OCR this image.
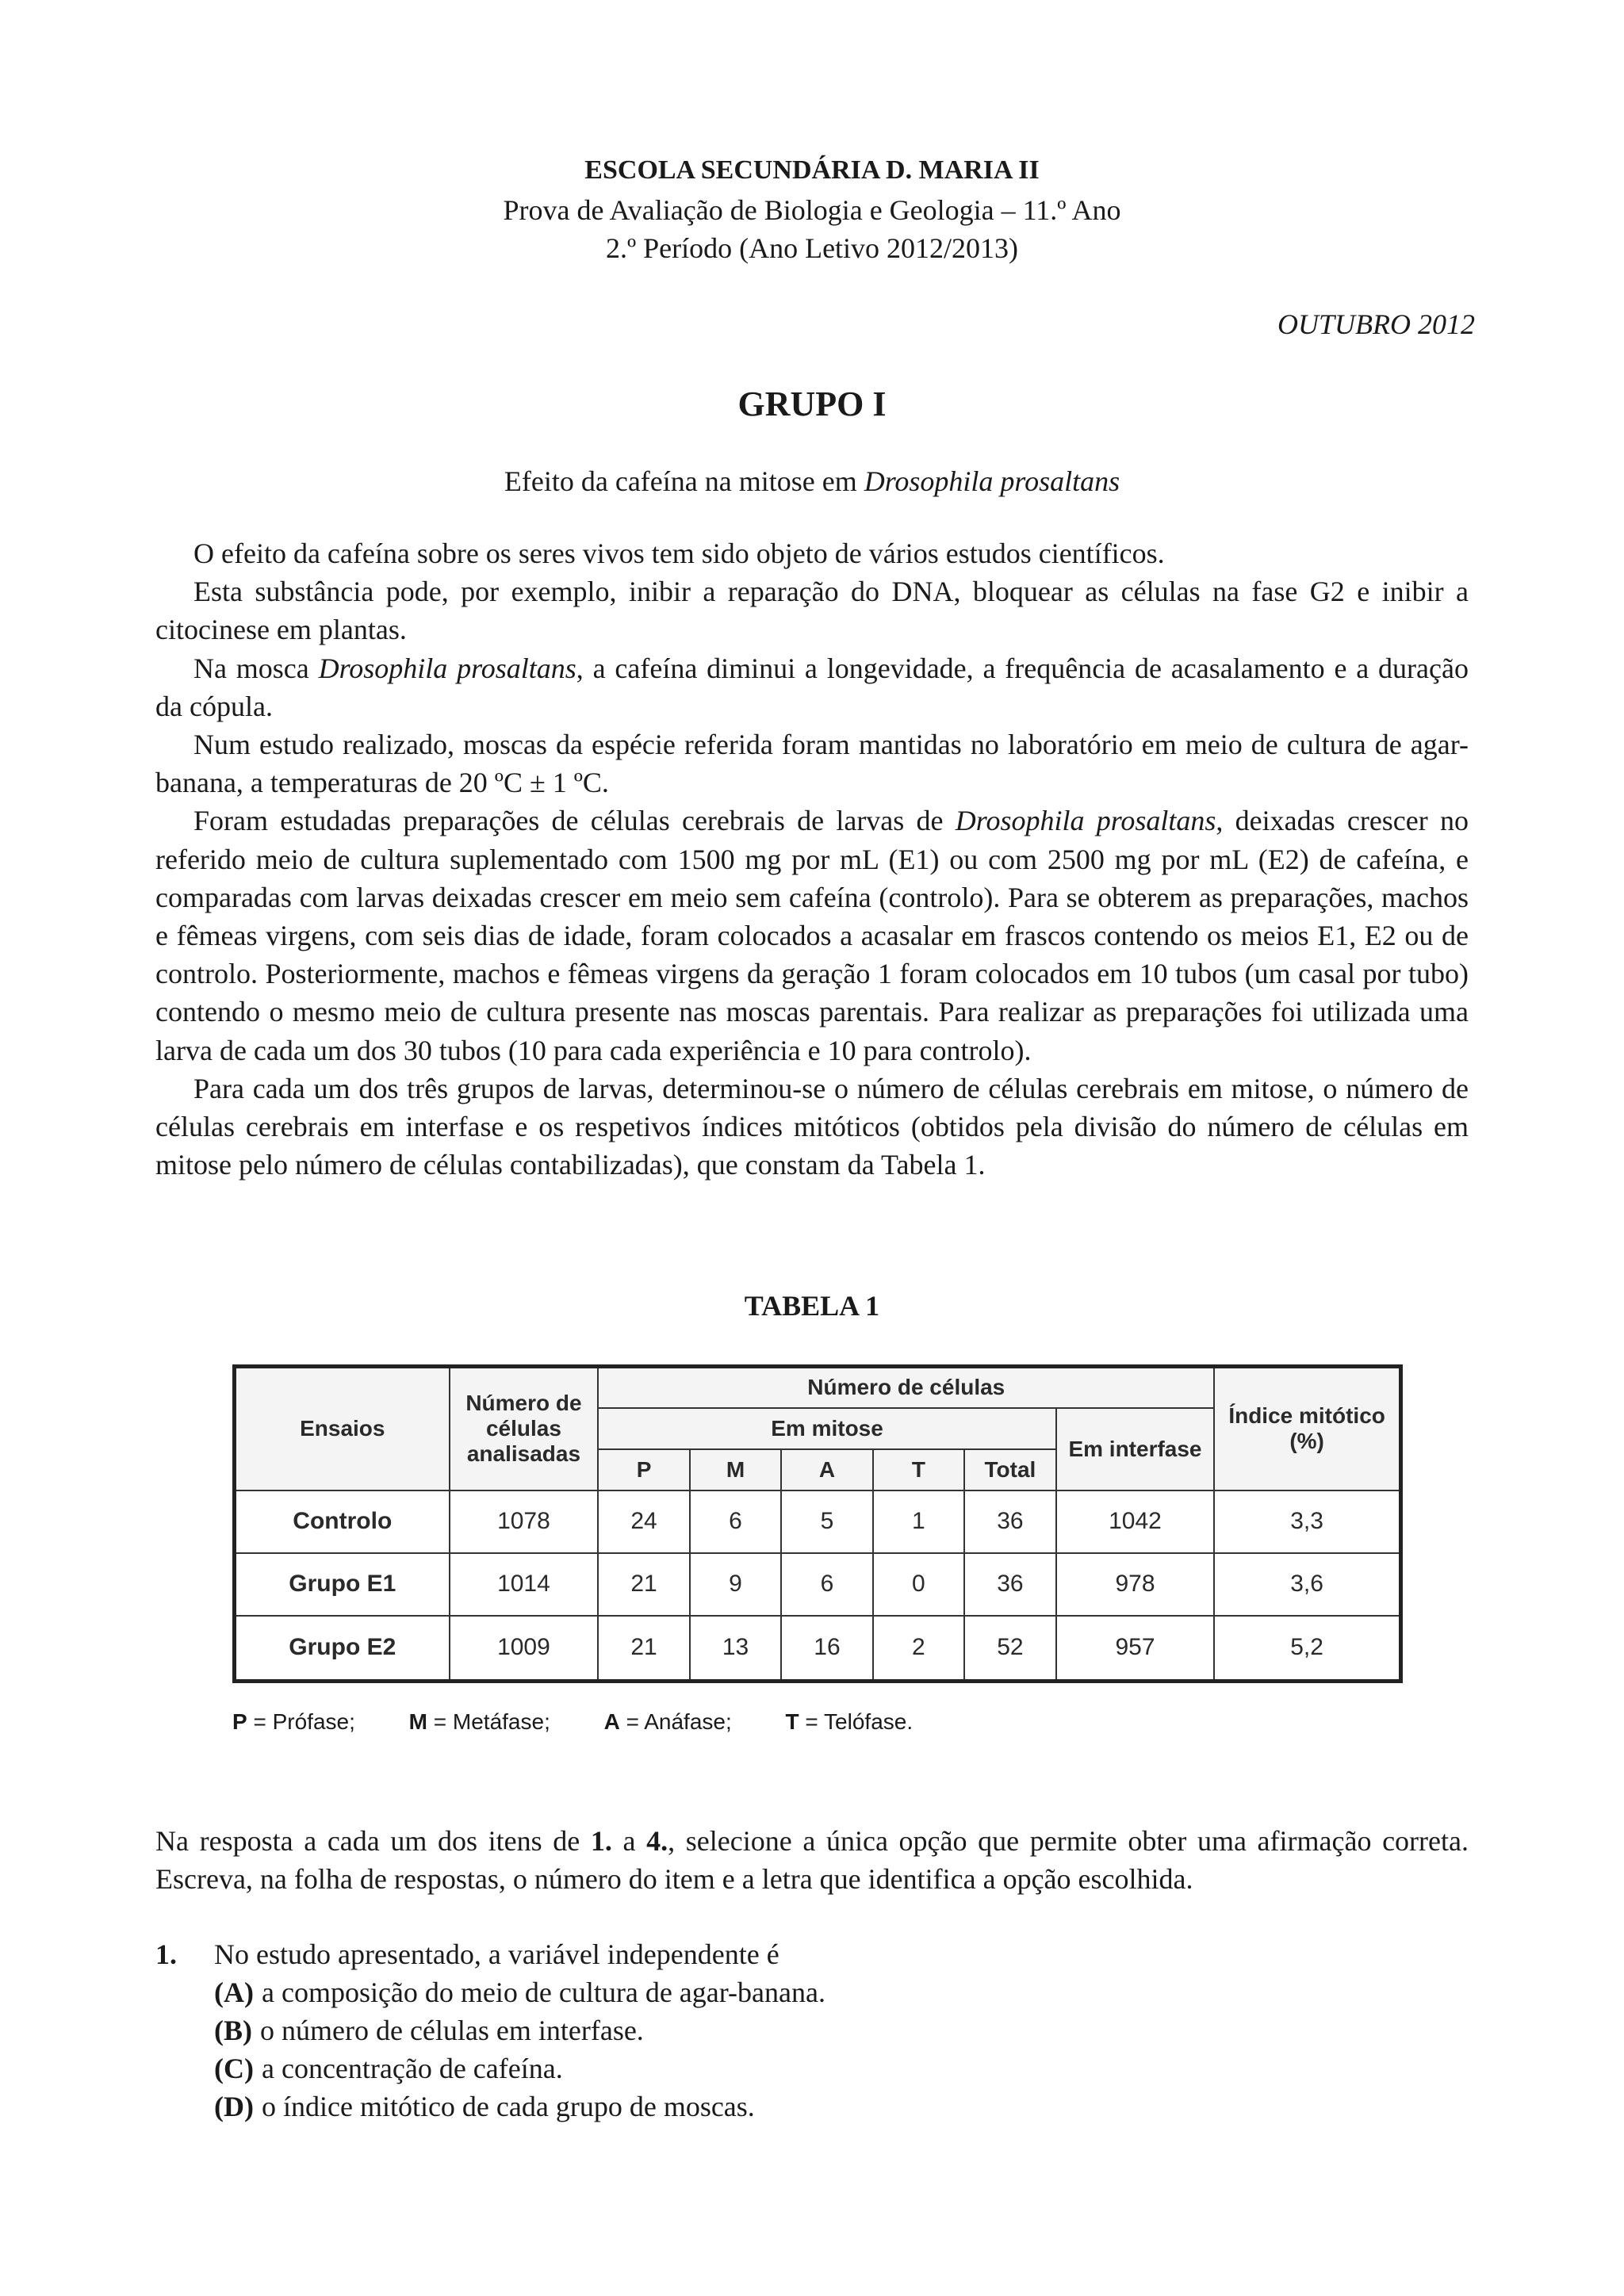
ESCOLA SECUNDÁRIA D. MARIA II
Prova de Avaliação de Biologia e Geologia – 11.º Ano
2.º Período (Ano Letivo 2012/2013)
OUTUBRO 2012
GRUPO I
Efeito da cafeína na mitose em Drosophila prosaltans

O efeito da cafeína sobre os seres vivos tem sido objeto de vários estudos científicos.

Esta substância pode, por exemplo, inibir a reparação do DNA, bloquear as células na fase G2 e inibir a citocinese em plantas.

Na mosca Drosophila prosaltans, a cafeína diminui a longevidade, a frequência de acasalamento e a duração da cópula.

Num estudo realizado, moscas da espécie referida foram mantidas no laboratório em meio de cultura de agar-banana, a temperaturas de 20 ºC ± 1 ºC.

Foram estudadas preparações de células cerebrais de larvas de Drosophila prosaltans, deixadas crescer no referido meio de cultura suplementado com 1500 mg por mL (E1) ou com 2500 mg por mL (E2) de cafeína, e comparadas com larvas deixadas crescer em meio sem cafeína (controlo). Para se obterem as preparações, machos e fêmeas virgens, com seis dias de idade, foram colocados a acasalar em frascos contendo os meios E1, E2 ou de controlo. Posteriormente, machos e fêmeas virgens da geração 1 foram colocados em 10 tubos (um casal por tubo) contendo o mesmo meio de cultura presente nas moscas parentais. Para realizar as preparações foi utilizada uma larva de cada um dos 30 tubos (10 para cada experiência e 10 para controlo).

Para cada um dos três grupos de larvas, determinou-se o número de células cerebrais em mitose, o número de células cerebrais em interfase e os respetivos índices mitóticos (obtidos pela divisão do número de células em mitose pelo número de células contabilizadas), que constam da Tabela 1.

TABELA 1
Ensaios	Número de células analisadas	Número de células						Índice mitótico (%)
		Em mitose					Em interfase	
		P	M	A	T	Total		
Controlo	1078	24	6	5	1	36	1042	3,3
Grupo E1	1014	21	9	6	0	36	978	3,6
Grupo E2	1009	21	13	16	2	52	957	5,2
P = Prófase; M = Metáfase; A = Anáfase; T = Telófase.

Na resposta a cada um dos itens de 1. a 4., selecione a única opção que permite obter uma afirmação correta. Escreva, na folha de respostas, o número do item e a letra que identifica a opção escolhida.

1. No estudo apresentado, a variável independente é
(A) a composição do meio de cultura de agar-banana.
(B) o número de células em interfase.
(C) a concentração de cafeína.
(D) o índice mitótico de cada grupo de moscas.
